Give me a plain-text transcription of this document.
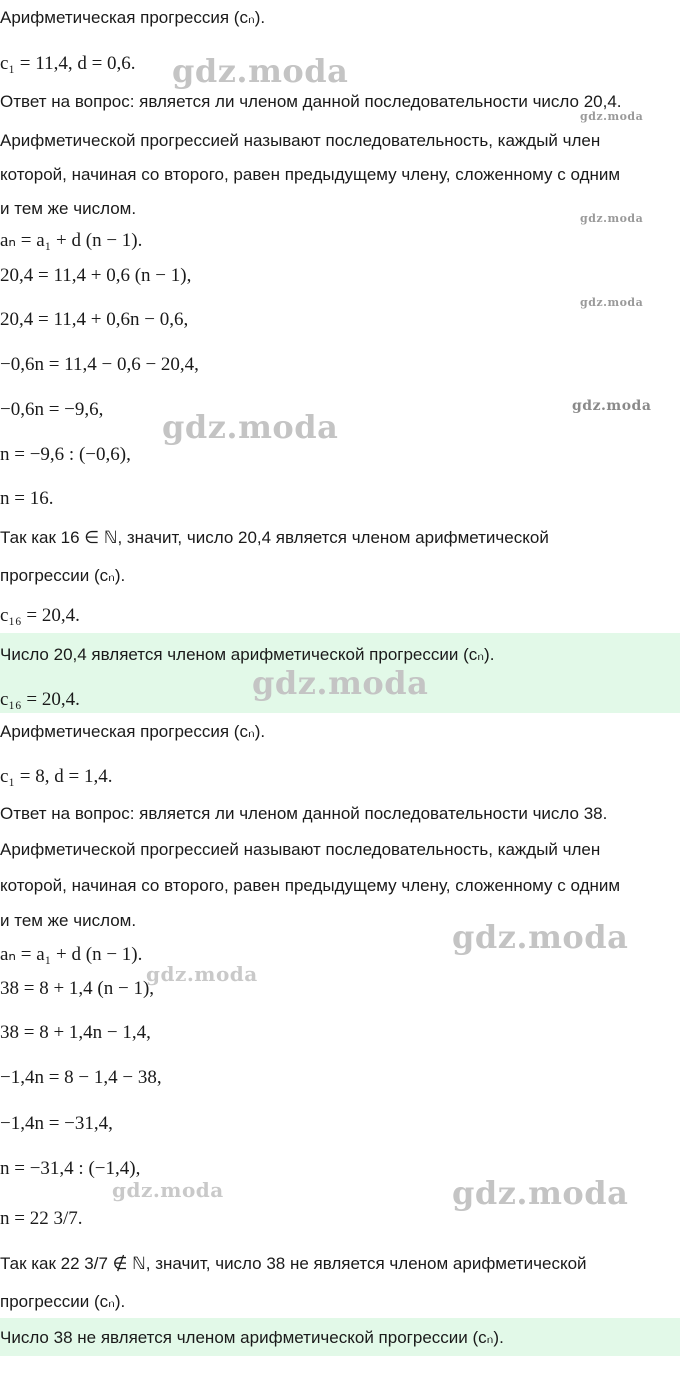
Арифметическая прогрессия (cₙ).
c₁ = 11,4, d = 0,6.
Ответ на вопрос: является ли членом данной последовательности число 20,4.
Арифметической прогрессией называют последовательность, каждый член
которой, начиная со второго, равен предыдущему члену, сложенному с одним
и тем же числом.
aₙ = a₁ + d (n − 1).
20,4 = 11,4 + 0,6 (n − 1),
20,4 = 11,4 + 0,6n − 0,6,
−0,6n = 11,4 − 0,6 − 20,4,
−0,6n = −9,6,
n = −9,6 : (−0,6),
n = 16.
Так как 16 ∈ ℕ, значит, число 20,4 является членом арифметической
прогрессии (cₙ).
c₁₆ = 20,4.
Число 20,4 является членом арифметической прогрессии (cₙ).
c₁₆ = 20,4.
Арифметическая прогрессия (cₙ).
c₁ = 8, d = 1,4.
Ответ на вопрос: является ли членом данной последовательности число 38.
Арифметической прогрессией называют последовательность, каждый член
которой, начиная со второго, равен предыдущему члену, сложенному с одним
и тем же числом.
aₙ = a₁ + d (n − 1).
38 = 8 + 1,4 (n − 1),
38 = 8 + 1,4n − 1,4,
−1,4n = 8 − 1,4 − 38,
−1,4n = −31,4,
n = −31,4 : (−1,4),
n = 22 3/7.
Так как 22 3/7 ∉ ℕ, значит, число 38 не является членом арифметической
прогрессии (cₙ).
Число 38 не является членом арифметической прогрессии (cₙ).
gdz.moda
gdz.moda
gdz.moda
gdz.moda
gdz.moda
gdz.moda
gdz.moda
gdz.moda
gdz.moda
gdz.moda	gdz.moda
